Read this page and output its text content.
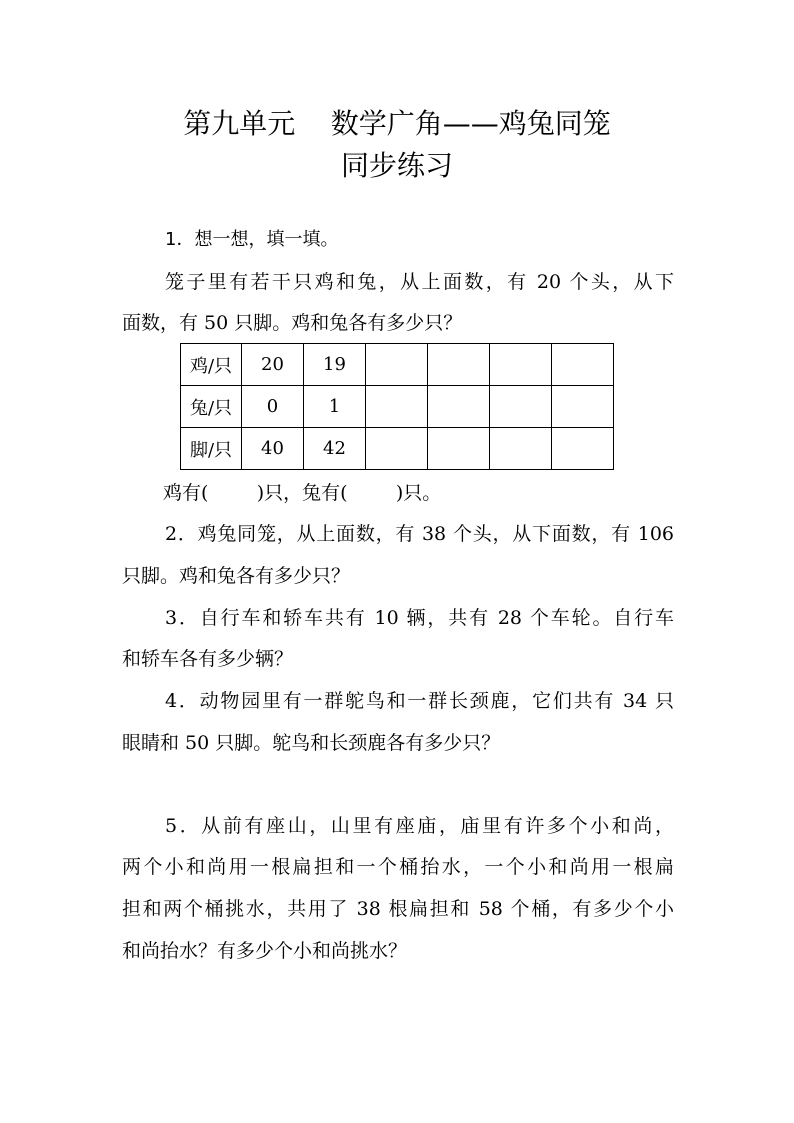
第九单元    数学广角——鸡兔同笼
同步练习
1．想一想，填一填。
笼子里有若干只鸡和兔，从上面数，有 20 个头，从下
面数，有 50 只脚。鸡和兔各有多少只？
鸡/只	20	19				
兔/只	0	1				
脚/只	40	42				
鸡有(        )只，兔有(        )只。
2．鸡兔同笼，从上面数，有 38 个头，从下面数，有 106
只脚。鸡和兔各有多少只？
3．自行车和轿车共有 10 辆，共有 28 个车轮。自行车
和轿车各有多少辆？
4．动物园里有一群鸵鸟和一群长颈鹿，它们共有 34 只
眼睛和 50 只脚。鸵鸟和长颈鹿各有多少只？
5．从前有座山，山里有座庙，庙里有许多个小和尚，
两个小和尚用一根扁担和一个桶抬水，一个小和尚用一根扁
担和两个桶挑水，共用了 38 根扁担和 58 个桶，有多少个小
和尚抬水？有多少个小和尚挑水？
